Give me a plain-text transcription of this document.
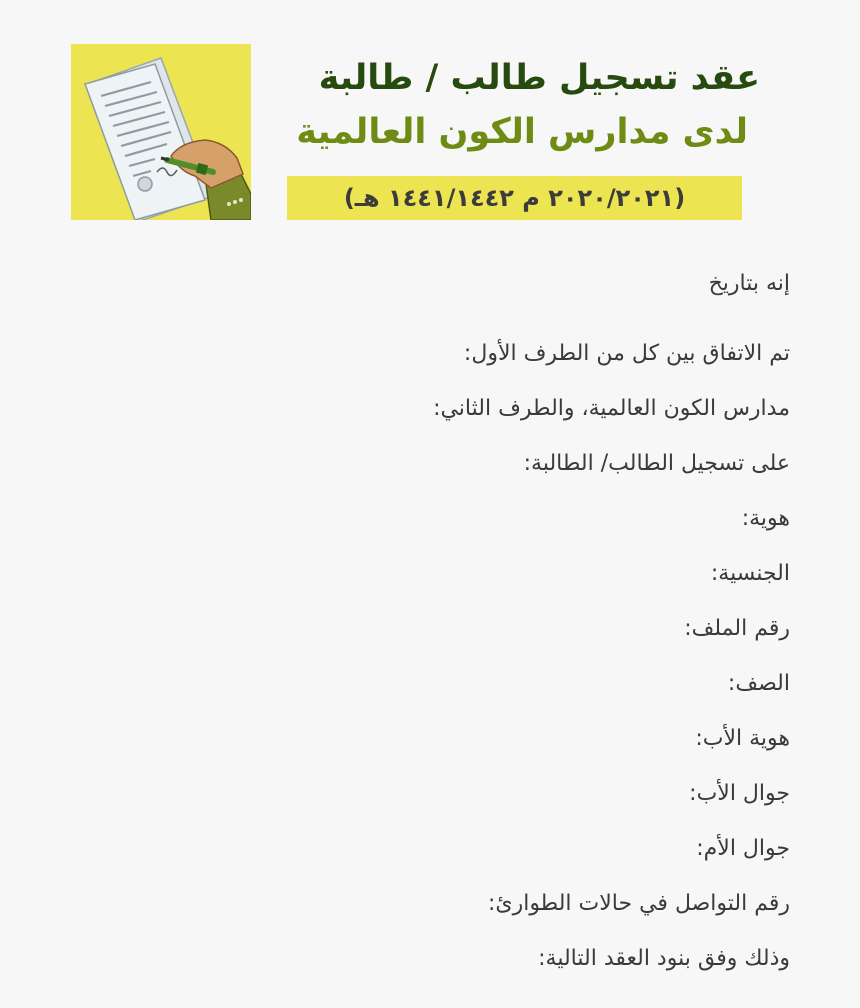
عقد تسجيل طالب / طالبة
لدى مدارس الكون العالمية
(٢٠٢٠/٢٠٢١ م ١٤٤١/١٤٤٢ هـ)
إنه بتاريخ
تم الاتفاق بين كل من الطرف الأول:
مدارس الكون العالمية، والطرف الثاني:
على تسجيل الطالب/ الطالبة:
هوية:
الجنسية:
رقم الملف:
الصف:
هوية الأب:
جوال الأب:
جوال الأم:
رقم التواصل في حالات الطوارئ:
وذلك وفق بنود العقد التالية:
